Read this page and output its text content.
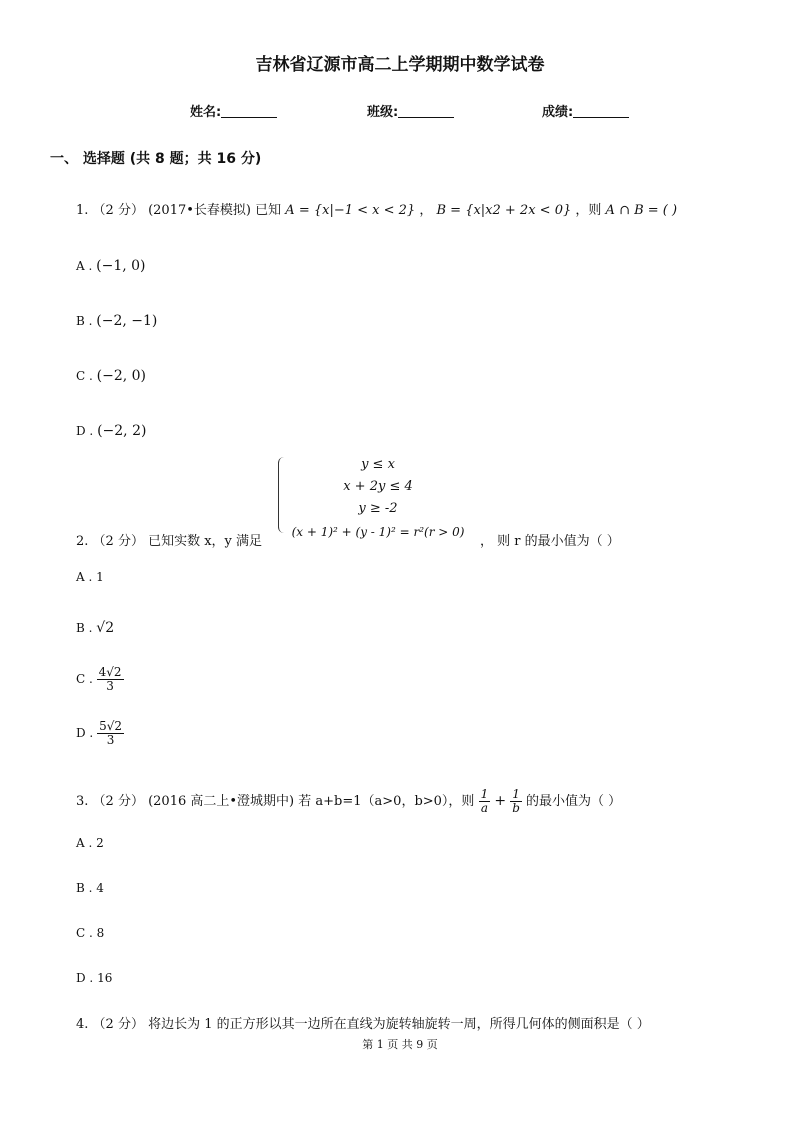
吉林省辽源市高二上学期期中数学试卷
姓名:	班级:	成绩:
一、 选择题 (共 8 题；共 16 分)
1. （2 分） (2017•长春模拟) 已知 A = {x|−1 < x < 2} ， B = {x|x2 + 2x < 0} ，则 A ∩ B = ( )
A . (−1, 0)
B . (−2, −1)
C . (−2, 0)
D . (−2, 2)
2. （2 分） 已知实数 x，y 满足
y ≤ x
x + 2y ≤ 4
y ≥ -2
(x + 1)² + (y - 1)² = r²(r > 0)
， 则 r 的最小值为（ ）
A . 1
B . √2
C . $\frac{4√2}{3}$
D . $\frac{5√2}{3}$
3. （2 分） (2016 高二上•澄城期中) 若 a+b=1（a>0，b>0），则 $\frac{1}{a} + \frac{1}{b}$ 的最小值为（ ）
A . 2
B . 4
C . 8
D . 16
4. （2 分） 将边长为 1 的正方形以其一边所在直线为旋转轴旋转一周，所得几何体的侧面积是（ ）
第 1 页 共 9 页
